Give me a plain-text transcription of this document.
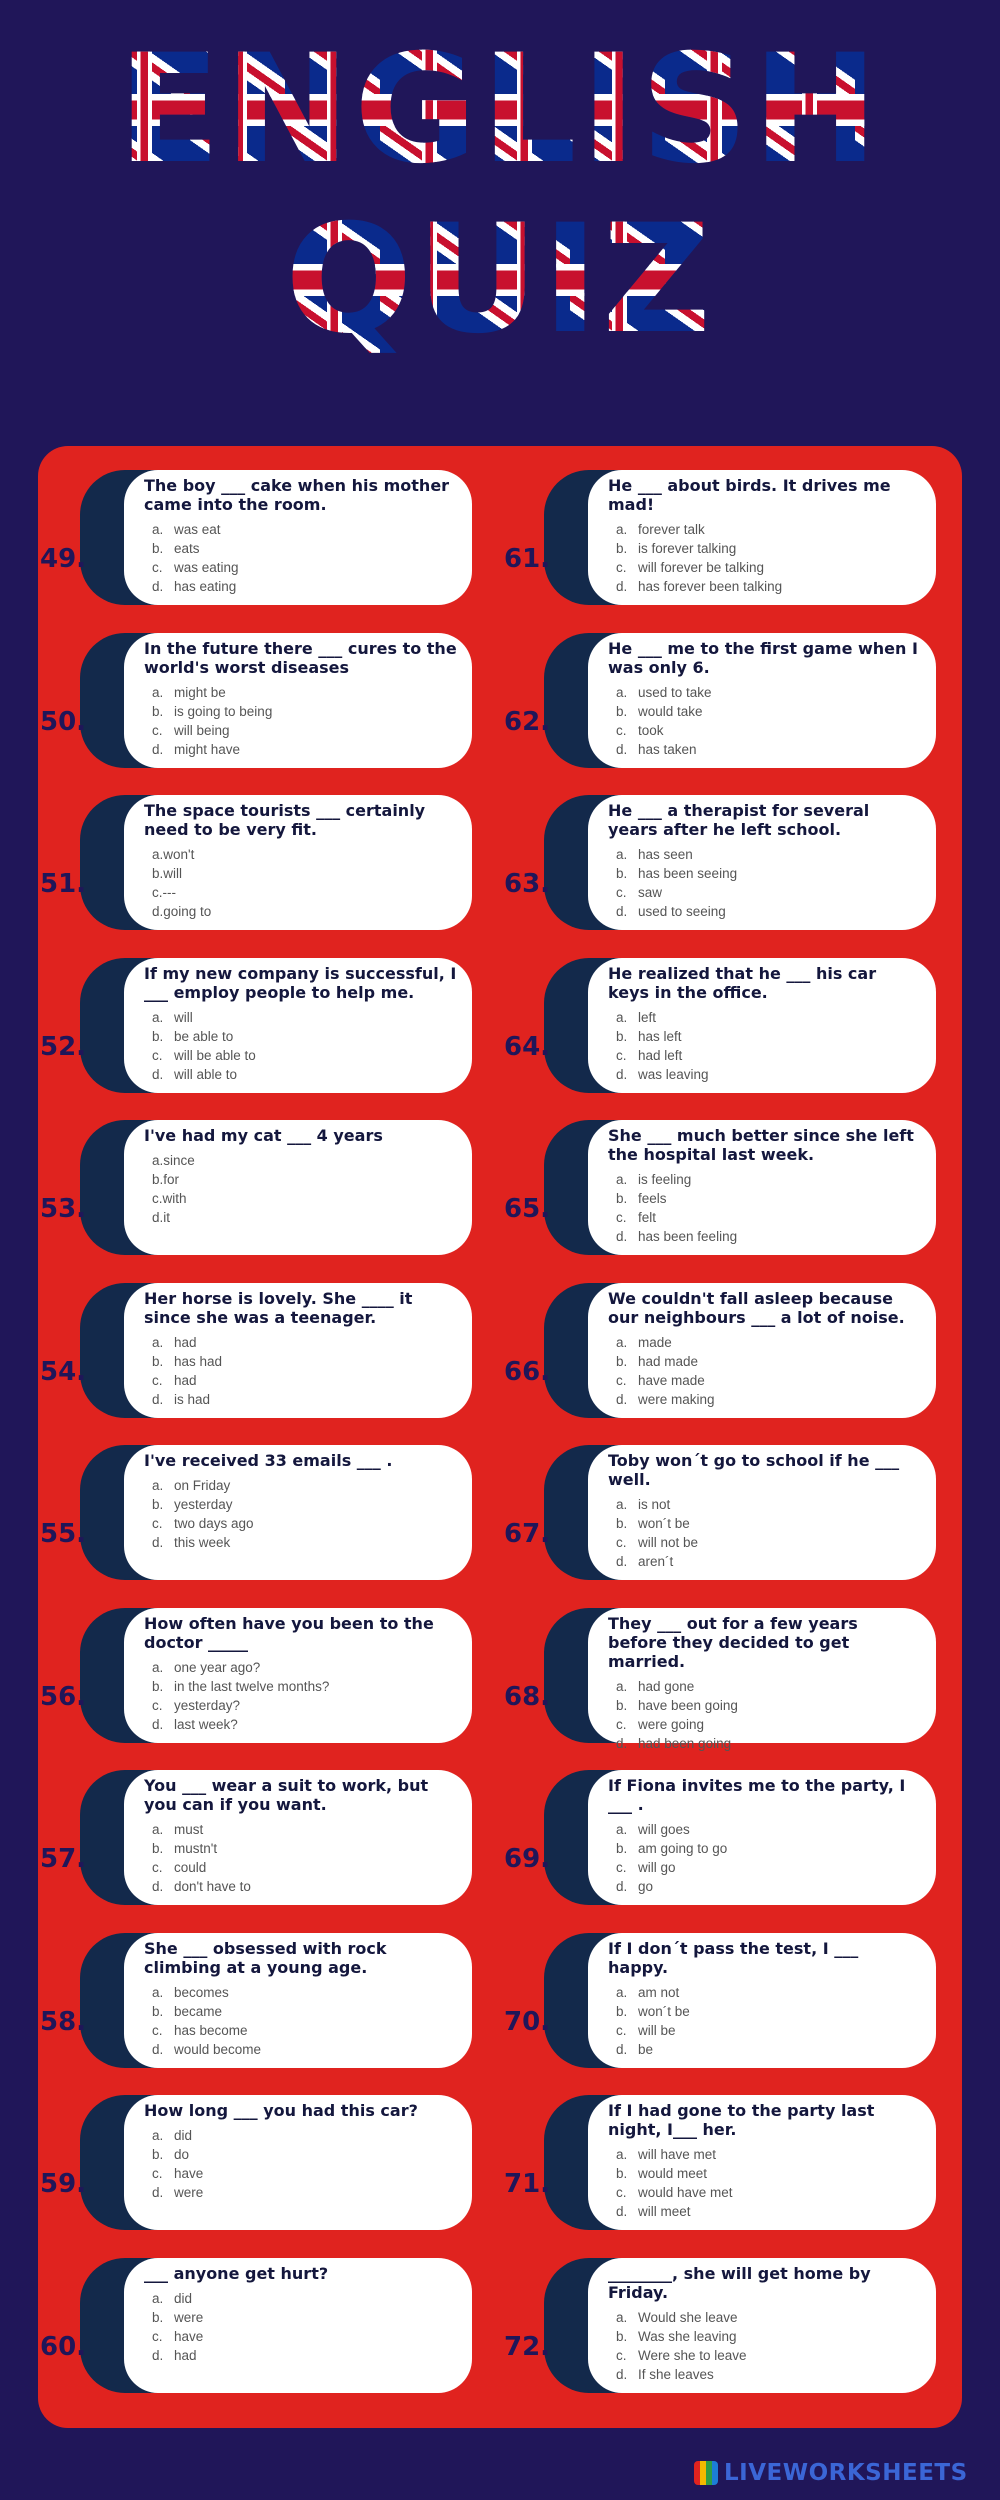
ENGLISH
QUIZ
49.
The boy ___ cake when his mother came into the room.
a. was eat
b. eats
c. was eating
d. has eating
50.
In the future there ___ cures to the world's worst diseases
a. might be
b. is going to being
c. will being
d. might have
51.
The space tourists ___ certainly need to be very fit.
a.won't
b.will
c.---
d.going to
52.
If my new company is successful, I ___ employ people to help me.
a. will
b. be able to
c. will be able to
d. will able to
53.
I've had my cat ___ 4 years
a.since
b.for
c.with
d.it
54.
Her horse is lovely. She ____ it since she was a teenager.
a. had
b. has had
c. had
d. is had
55.
I've received 33 emails ___ .
a. on Friday
b. yesterday
c. two days ago
d. this week
56.
How often have you been to the doctor _____
a. one year ago?
b. in the last twelve months?
c. yesterday?
d. last week?
57.
You ___ wear a suit to work, but you can if you want.
a. must
b. mustn't
c. could
d. don't have to
58.
She ___ obsessed with rock climbing at a young age.
a. becomes
b. became
c. has become
d. would become
59.
How long ___ you had this car?
a. did
b. do
c. have
d. were
60.
___ anyone get hurt?
a. did
b. were
c. have
d. had
61.
He ___ about birds. It drives me mad!
a. forever talk
b. is forever talking
c. will forever be talking
d. has forever been talking
62.
He ___ me to the first game when I was only 6.
a. used to take
b. would take
c. took
d. has taken
63.
He ___ a therapist for several years after he left school.
a. has seen
b. has been seeing
c. saw
d. used to seeing
64.
He realized that he ___ his car keys in the office.
a. left
b. has left
c. had left
d. was leaving
65.
She ___ much better since she left the hospital last week.
a. is feeling
b. feels
c. felt
d. has been feeling
66.
We couldn't fall asleep because our neighbours ___ a lot of noise.
a. made
b. had made
c. have made
d. were making
67.
Toby won´t go to school if he ___ well.
a. is not
b. won´t be
c. will not be
d. aren´t
68.
They ___ out for a few years before they decided to get married.
a. had gone
b. have been going
c. were going
d. had been going
69.
If Fiona invites me to the party, I ___ .
a. will goes
b. am going to go
c. will go
d. go
70.
If I don´t pass the test, I ___ happy.
a. am not
b. won´t be
c. will be
d. be
71.
If I had gone to the party last night, I___ her.
a. will have met
b. would meet
c. would have met
d. will meet
72.
________, she will get home by Friday.
a. Would she leave
b. Was she leaving
c. Were she to leave
d. If she leaves
LIVEWORKSHEETS
